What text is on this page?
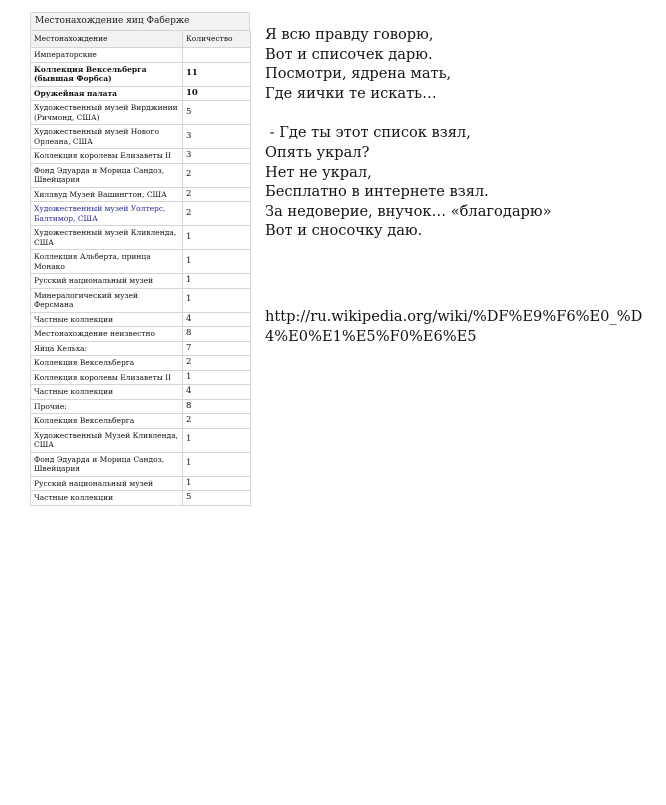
Местонахождение яиц Фаберже
Местонахождение	Количество
Императорские	
Коллекция Вексельберга (бывшая Форбса)	11
Оружейная палата	10
Художественный музей Вирджинии (Ричмонд, США)	5
Художественный музей Нового Орлеана, США	3
Коллекция королевы Елизаветы II	3
Фонд Эдуарда и Морица Сандоз, Швейцария	2
Хиллвуд Музей Вашингтон, США	2
Художественный музей Уолтерс, Балтимор, США	2
Художественный музей Кливленда, США	1
Коллекция Альберта, принца Монако	1
Русский национальный музей	1
Минералогический музей Ферсмана	1
Частные коллекции	4
Местонахождение неизвестно	8
Яйца Кельха:	7
Коллекция Вексельберга	2
Коллекция королевы Елизаветы II	1
Частные коллекции	4
Прочие:	8
Коллекция Вексельберга	2
Художественный Музей Кливленда, США	1
Фонд Эдуарда и Морица Сандоз, Швейцария	1
Русский национальный музей	1
Частные коллекции	5

Я всю правду говорю,

Вот и списочек дарю.

Посмотри, ядрена мать,

Где яички те искать…

- Где ты этот список взял,

Опять украл?

Нет не украл,

Бесплатно в интернете взял.

За недоверие, внучок… «благодарю»

Вот и сносочку даю.

http://ru.wikipedia.org/wiki/%DF%E9%F6%E0_%D4%E0%E1%E5%F0%E6%E5
